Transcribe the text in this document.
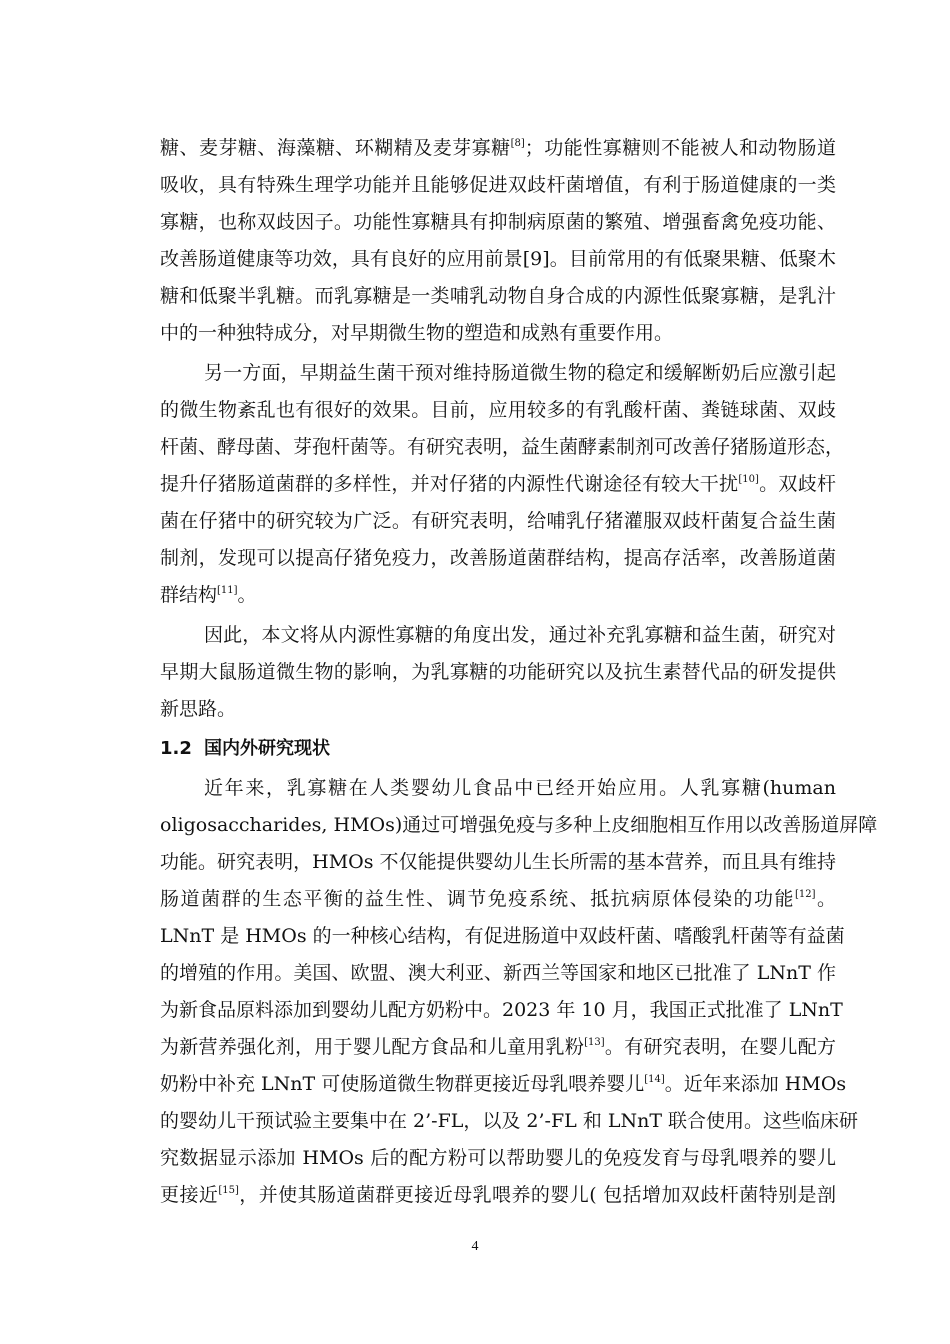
糖、麦芽糖、海藻糖、环糊精及麦芽寡糖[8]；功能性寡糖则不能被人和动物肠道

吸收，具有特殊生理学功能并且能够促进双歧杆菌增值，有利于肠道健康的一类

寡糖，也称双歧因子。功能性寡糖具有抑制病原菌的繁殖、增强畜禽免疫功能、

改善肠道健康等功效，具有良好的应用前景[9]。目前常用的有低聚果糖、低聚木

糖和低聚半乳糖。而乳寡糖是一类哺乳动物自身合成的内源性低聚寡糖，是乳汁

中的一种独特成分，对早期微生物的塑造和成熟有重要作用。

另一方面，早期益生菌干预对维持肠道微生物的稳定和缓解断奶后应激引起

的微生物紊乱也有很好的效果。目前，应用较多的有乳酸杆菌、粪链球菌、双歧

杆菌、酵母菌、芽孢杆菌等。有研究表明，益生菌酵素制剂可改善仔猪肠道形态，

提升仔猪肠道菌群的多样性，并对仔猪的内源性代谢途径有较大干扰[10]。双歧杆

菌在仔猪中的研究较为广泛。有研究表明，给哺乳仔猪灌服双歧杆菌复合益生菌

制剂，发现可以提高仔猪免疫力，改善肠道菌群结构，提高存活率，改善肠道菌

群结构[11]。

因此，本文将从内源性寡糖的角度出发，通过补充乳寡糖和益生菌，研究对

早期大鼠肠道微生物的影响，为乳寡糖的功能研究以及抗生素替代品的研发提供

新思路。

1.2 国内外研究现状

近年来，乳寡糖在人类婴幼儿食品中已经开始应用。人乳寡糖(human

oligosaccharides, HMOs)通过可增强免疫与多种上皮细胞相互作用以改善肠道屏障

功能。研究表明，HMOs 不仅能提供婴幼儿生长所需的基本营养，而且具有维持

肠道菌群的生态平衡的益生性、调节免疫系统、抵抗病原体侵染的功能[12]。

LNnT 是 HMOs 的一种核心结构，有促进肠道中双歧杆菌、嗜酸乳杆菌等有益菌

的增殖的作用。美国、欧盟、澳大利亚、新西兰等国家和地区已批准了 LNnT 作

为新食品原料添加到婴幼儿配方奶粉中。2023 年 10 月，我国正式批准了 LNnT

为新营养强化剂，用于婴儿配方食品和儿童用乳粉[13]。有研究表明，在婴儿配方

奶粉中补充 LNnT 可使肠道微生物群更接近母乳喂养婴儿[14]。近年来添加 HMOs

的婴幼儿干预试验主要集中在 2’-FL，以及 2’-FL 和 LNnT 联合使用。这些临床研

究数据显示添加 HMOs 后的配方粉可以帮助婴儿的免疫发育与母乳喂养的婴儿

更接近[15]，并使其肠道菌群更接近母乳喂养的婴儿( 包括增加双歧杆菌特别是剖

4
